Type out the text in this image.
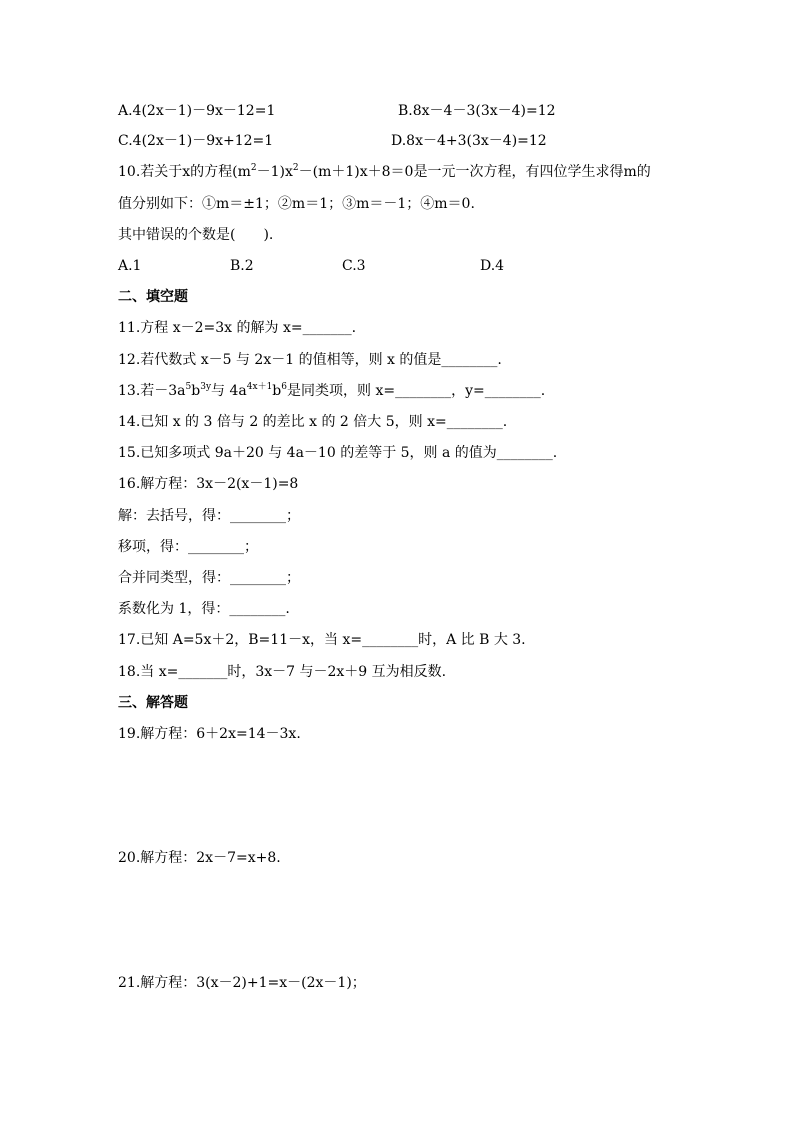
A.4(2x－1)－9x－12=1	B.8x－4－3(3x－4)=12
C.4(2x－1)－9x+12=1	D.8x－4+3(3x－4)=12
10.若关于x的方程$(m^2-1)x^2-(m+1)x+8=0$是一元一次方程，有四位学生求得m的
值分别如下：①m＝±1；②m＝1；③m＝－1；④m＝0.
其中错误的个数是(　　).
A.1	B.2	C.3	D.4
二、填空题
11.方程 x－2=3x 的解为 x=_______.
12.若代数式 x－5 与 2x－1 的值相等，则 x 的值是________.
13.若$-3a^5b^{3y}$与 $4a^{4x+1}b^6$是同类项，则 x=________，y=________.
14.已知 x 的 3 倍与 2 的差比 x 的 2 倍大 5，则 x=________.
15.已知多项式 9a＋20 与 4a－10 的差等于 5，则 a 的值为________.
16.解方程：3x－2(x－1)=8
解：去括号，得：________；
移项，得：________；
合并同类型，得：________；
系数化为 1，得：________.
17.已知 A=5x＋2，B=11－x，当 x=________时，A 比 B 大 3.
18.当 x=_______时，3x－7 与－2x＋9 互为相反数.
三、解答题
19.解方程：6＋2x=14－3x.
20.解方程：2x－7=x+8.
21.解方程：3(x－2)+1=x－(2x－1)；
